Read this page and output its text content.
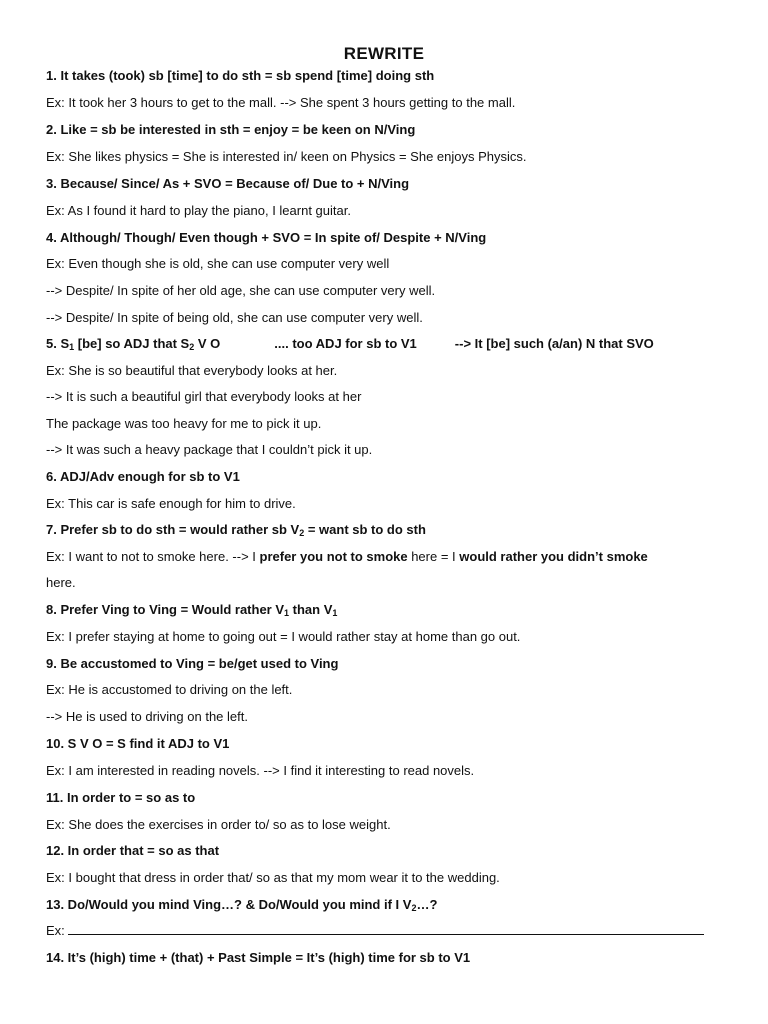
REWRITE
1. It takes (took) sb [time] to do sth = sb spend [time] doing sth
Ex: It took her 3 hours to get to the mall. --> She spent 3 hours getting to the mall.
2. Like = sb be interested in sth = enjoy = be keen on N/Ving
Ex: She likes physics = She is interested in/ keen on Physics = She enjoys Physics.
3. Because/ Since/ As + SVO = Because of/ Due to + N/Ving
Ex: As I found it hard to play the piano, I learnt guitar.
4. Although/ Though/ Even though + SVO = In spite of/ Despite + N/Ving
Ex: Even though she is old, she can use computer very well
--> Despite/ In spite of her old age, she can use computer very well.
--> Despite/ In spite of being old, she can use computer very well.
5. $S_1$ [be] so ADJ that $S_2$ V O	.... too ADJ for sb to V1	--> It [be] such (a/an) N that SVO
Ex: She is so beautiful that everybody looks at her.
--> It is such a beautiful girl that everybody looks at her
The package was too heavy for me to pick it up.
--> It was such a heavy package that I couldn’t pick it up.
6. ADJ/Adv enough for sb to V1
Ex: This car is safe enough for him to drive.
7. Prefer sb to do sth = would rather sb $V_2$ = want sb to do sth
Ex: I want to not to smoke here. --> I prefer you not to smoke here = I would rather you didn’t smoke
here.
8. Prefer Ving to Ving = Would rather $V_1$ than $V_1$
Ex: I prefer staying at home to going out = I would rather stay at home than go out.
9. Be accustomed to Ving = be/get used to Ving
Ex: He is accustomed to driving on the left.
--> He is used to driving on the left.
10. S V O = S find it ADJ to V1
Ex: I am interested in reading novels. --> I find it interesting to read novels.
11. In order to = so as to
Ex: She does the exercises in order to/ so as to lose weight.
12. In order that = so as that
Ex: I bought that dress in order that/ so as that my mom wear it to the wedding.
13. Do/Would you mind Ving…? & Do/Would you mind if I $V_2\dots$?
Ex:
14. It’s (high) time + (that) + Past Simple = It’s (high) time for sb to V1
